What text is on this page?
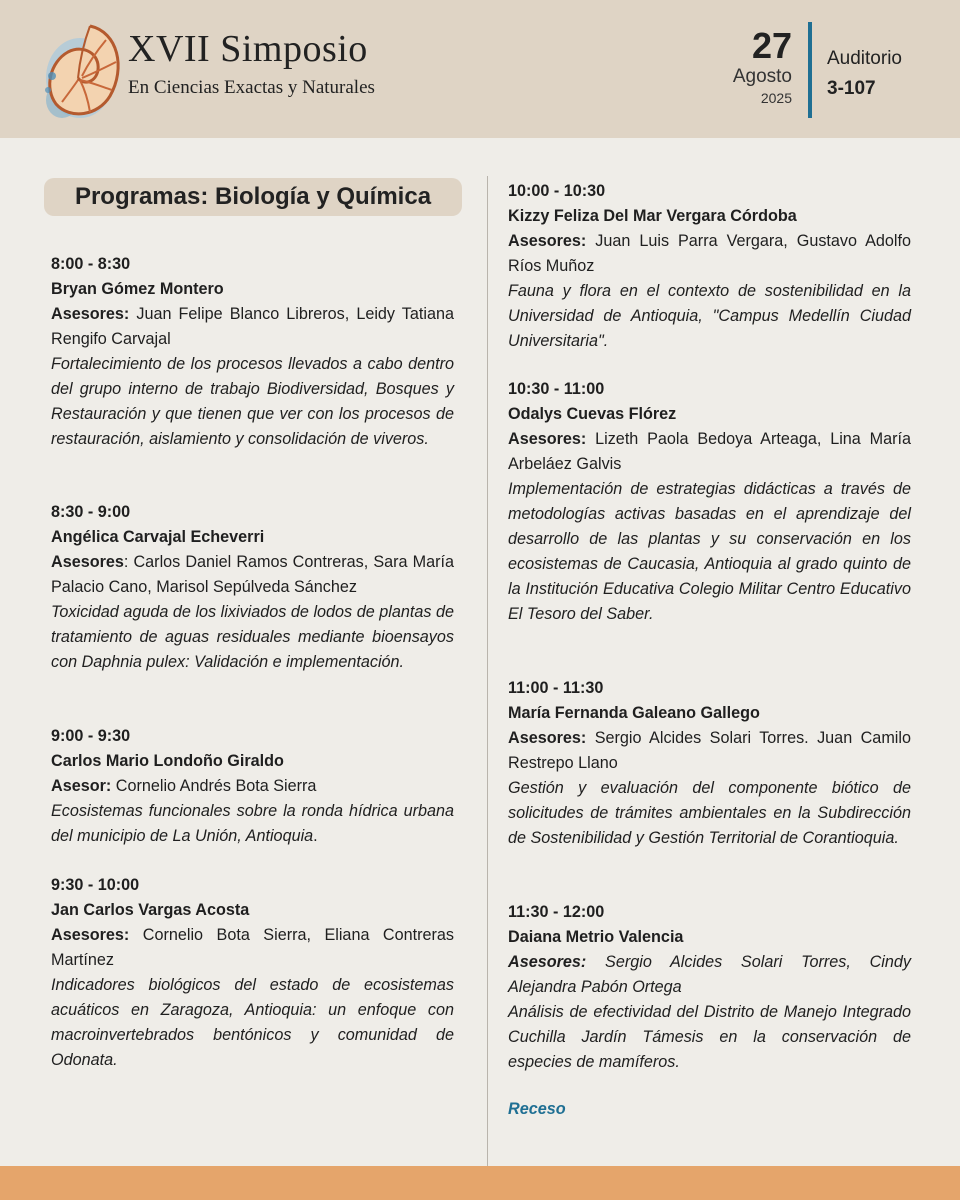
XVII Simposio
En Ciencias Exactas y Naturales
27
Agosto
2025
Auditorio
3-107
Programas: Biología y Química
8:00 - 8:30
Bryan Gómez Montero
Asesores: Juan Felipe Blanco Libreros, Leidy Tatiana Rengifo Carvajal
Fortalecimiento de los procesos llevados a cabo dentro del grupo interno de trabajo Biodiversidad, Bosques y Restauración y que tienen que ver con los procesos de restauración, aislamiento y consolidación de viveros.
8:30 - 9:00
Angélica Carvajal Echeverri
Asesores: Carlos Daniel Ramos Contreras, Sara María Palacio Cano, Marisol Sepúlveda Sánchez
Toxicidad aguda de los lixiviados de lodos de plantas de tratamiento de aguas residuales mediante bioensayos con Daphnia pulex: Validación e implementación.
9:00 - 9:30
Carlos Mario Londoño Giraldo
Asesor: Cornelio Andrés Bota Sierra
Ecosistemas funcionales sobre la ronda hídrica urbana del municipio de La Unión, Antioquia.
9:30 - 10:00
Jan Carlos Vargas Acosta
Asesores: Cornelio Bota Sierra, Eliana Contreras Martínez
Indicadores biológicos del estado de ecosistemas acuáticos en Zaragoza, Antioquia: un enfoque con macroinvertebrados bentónicos y comunidad de Odonata.
10:00 - 10:30
Kizzy Feliza Del Mar Vergara Córdoba
Asesores: Juan Luis Parra Vergara, Gustavo Adolfo Ríos Muñoz
Fauna y flora en el contexto de sostenibilidad en la Universidad de Antioquia, "Campus Medellín Ciudad Universitaria".
10:30 - 11:00
Odalys Cuevas Flórez
Asesores: Lizeth Paola Bedoya Arteaga, Lina María Arbeláez Galvis
Implementación de estrategias didácticas a través de metodologías activas basadas en el aprendizaje del desarrollo de las plantas y su conservación en los ecosistemas de Caucasia, Antioquia al grado quinto de la Institución Educativa Colegio Militar Centro Educativo El Tesoro del Saber.
11:00 - 11:30
María Fernanda Galeano Gallego
Asesores: Sergio Alcides Solari Torres. Juan Camilo Restrepo Llano
Gestión y evaluación del componente biótico de solicitudes de trámites ambientales en la Subdirección de Sostenibilidad y Gestión Territorial de Corantioquia.
11:30 - 12:00
Daiana Metrio Valencia
Asesores: Sergio Alcides Solari Torres, Cindy Alejandra Pabón Ortega
Análisis de efectividad del Distrito de Manejo Integrado Cuchilla Jardín Támesis en la conservación de especies de mamíferos.
Receso
